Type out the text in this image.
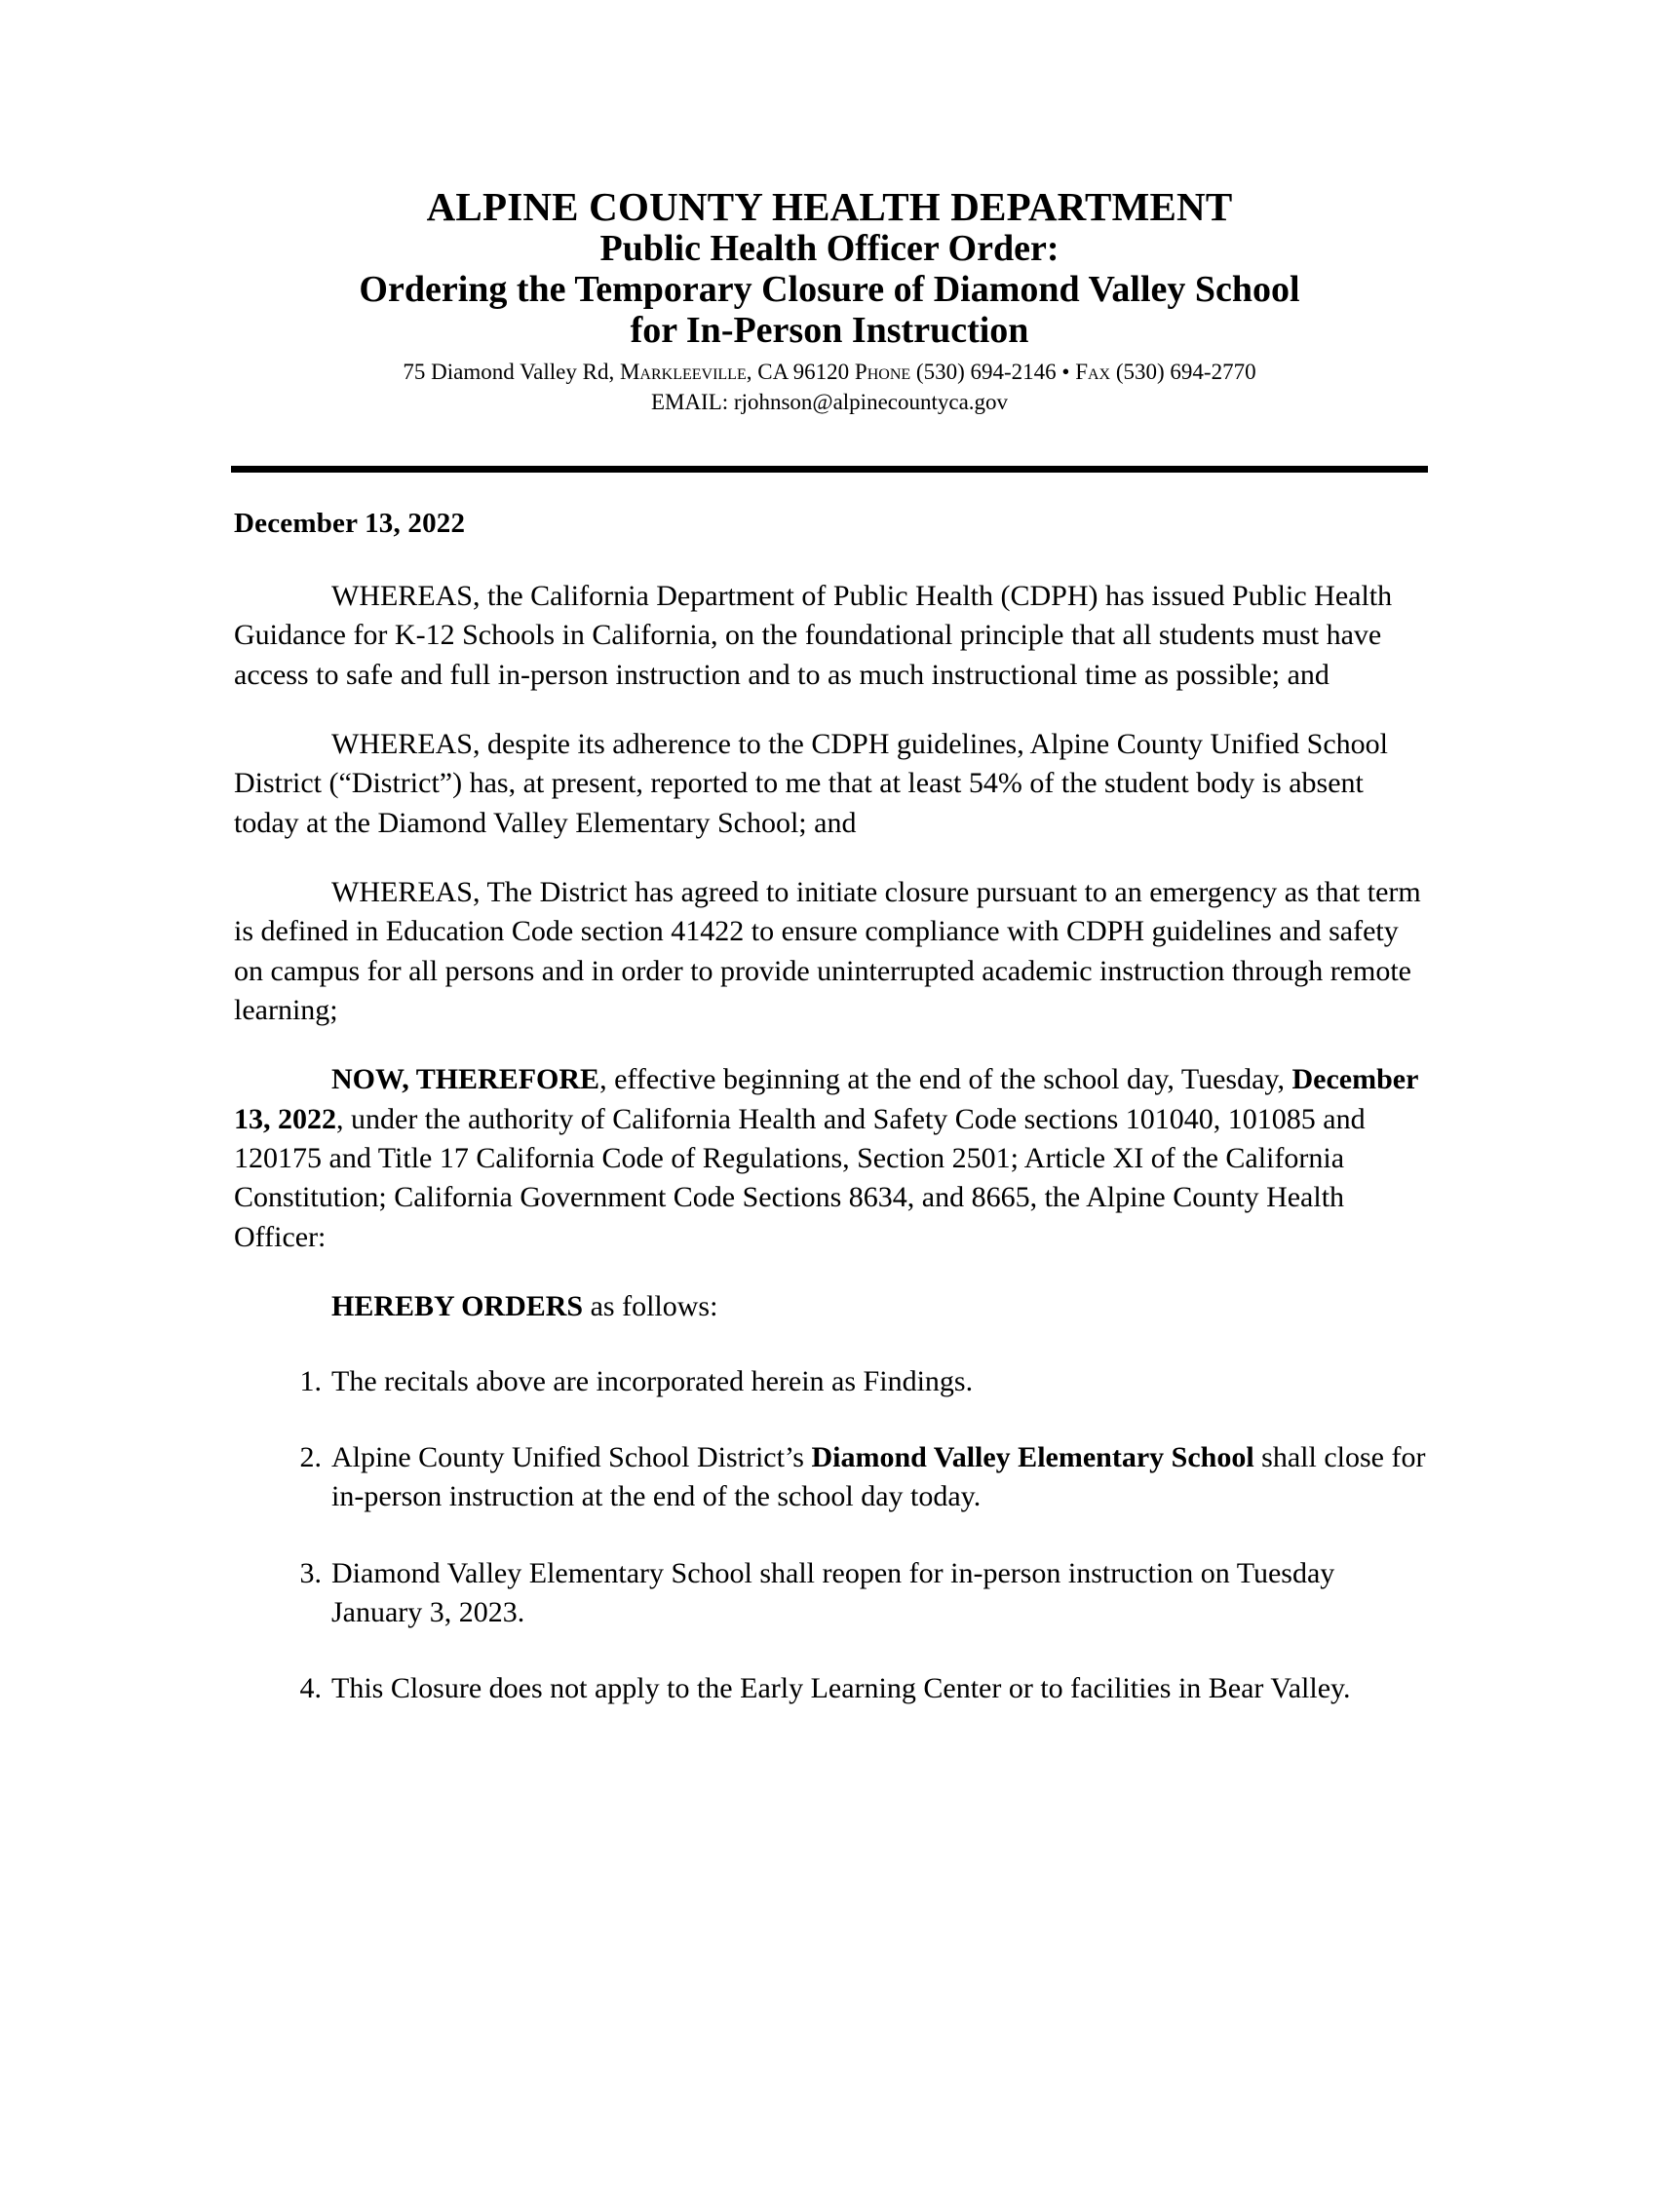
ALPINE COUNTY HEALTH DEPARTMENT
Public Health Officer Order:
Ordering the Temporary Closure of Diamond Valley School
for In-Person Instruction
75 Diamond Valley Rd, Markleeville, CA 96120 Phone (530) 694-2146 • Fax (530) 694-2770
EMAIL: rjohnson@alpinecountyca.gov
December 13, 2022

WHEREAS, the California Department of Public Health (CDPH) has issued Public Health Guidance for K-12 Schools in California, on the foundational principle that all students must have access to safe and full in-person instruction and to as much instructional time as possible; and

WHEREAS, despite its adherence to the CDPH guidelines, Alpine County Unified School District (“District”) has, at present, reported to me that at least 54% of the student body is absent today at the Diamond Valley Elementary School; and

WHEREAS, The District has agreed to initiate closure pursuant to an emergency as that term is defined in Education Code section 41422 to ensure compliance with CDPH guidelines and safety on campus for all persons and in order to provide uninterrupted academic instruction through remote learning;

NOW, THEREFORE, effective beginning at the end of the school day, Tuesday, December 13, 2022, under the authority of California Health and Safety Code sections 101040, 101085 and 120175 and Title 17 California Code of Regulations, Section 2501; Article XI of the California Constitution; California Government Code Sections 8634, and 8665, the Alpine County Health Officer:

HEREBY ORDERS as follows:

1. The recitals above are incorporated herein as Findings.
2. Alpine County Unified School District’s Diamond Valley Elementary School shall close for in-person instruction at the end of the school day today.
3. Diamond Valley Elementary School shall reopen for in-person instruction on Tuesday January 3, 2023.
4. This Closure does not apply to the Early Learning Center or to facilities in Bear Valley.
